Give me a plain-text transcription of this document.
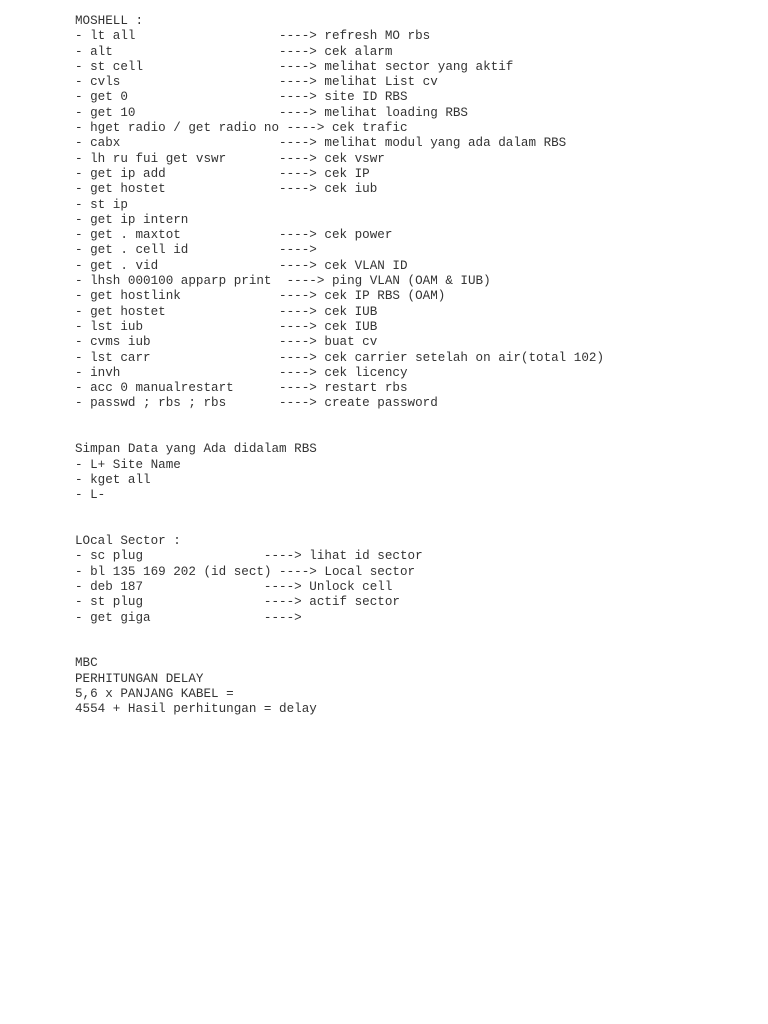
MOSHELL :
- lt all                   ----> refresh MO rbs
- alt                      ----> cek alarm
- st cell                  ----> melihat sector yang aktif
- cvls                     ----> melihat List cv
- get 0                    ----> site ID RBS
- get 10                   ----> melihat loading RBS
- hget radio / get radio no ----> cek trafic
- cabx                     ----> melihat modul yang ada dalam RBS
- lh ru fui get vswr       ----> cek vswr
- get ip add               ----> cek IP
- get hostet               ----> cek iub
- st ip
- get ip intern
- get . maxtot             ----> cek power
- get . cell id            ---->
- get . vid                ----> cek VLAN ID
- lhsh 000100 apparp print  ----> ping VLAN (OAM & IUB)
- get hostlink             ----> cek IP RBS (OAM)
- get hostet               ----> cek IUB
- lst iub                  ----> cek IUB
- cvms iub                 ----> buat cv
- lst carr                 ----> cek carrier setelah on air(total 102)
- invh                     ----> cek licency
- acc 0 manualrestart      ----> restart rbs
- passwd ; rbs ; rbs       ----> create password
Simpan Data yang Ada didalam RBS
- L+ Site Name
- kget all
- L-
LOcal Sector :
- sc plug                ----> lihat id sector
- bl 135 169 202 (id sect) ----> Local sector
- deb 187                ----> Unlock cell
- st plug                ----> actif sector
- get giga               ---->
MBC
PERHITUNGAN DELAY
5,6 x PANJANG KABEL =
4554 + Hasil perhitungan = delay
